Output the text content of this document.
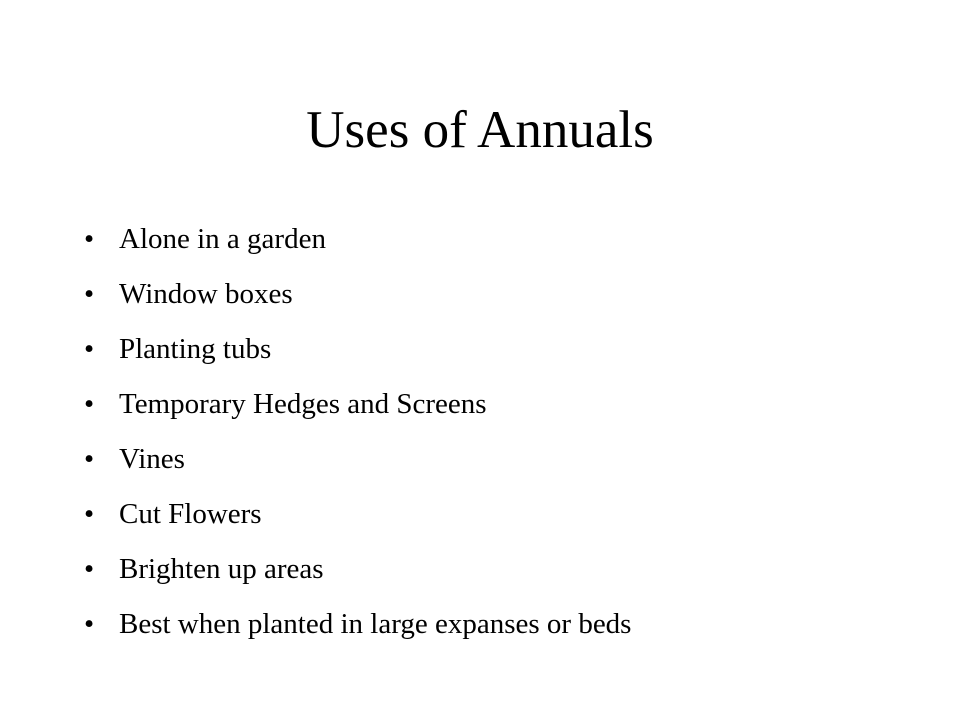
Uses of Annuals
• Alone in a garden
• Window boxes
• Planting tubs
• Temporary Hedges and Screens
• Vines
• Cut Flowers
• Brighten up areas
• Best when planted in large expanses or beds
